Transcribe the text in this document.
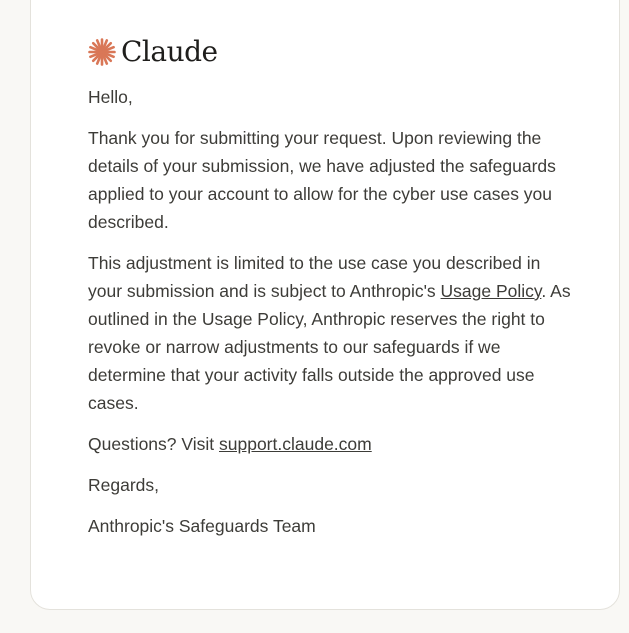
Claude

Hello,

Thank you for submitting your request. Upon reviewing the details of your submission, we have adjusted the safeguards applied to your account to allow for the cyber use cases you described.

This adjustment is limited to the use case you described in your submission and is subject to Anthropic's Usage Policy. As outlined in the Usage Policy, Anthropic reserves the right to revoke or narrow adjustments to our safeguards if we determine that your activity falls outside the approved use cases.

Questions? Visit support.claude.com

Regards,

Anthropic's Safeguards Team
